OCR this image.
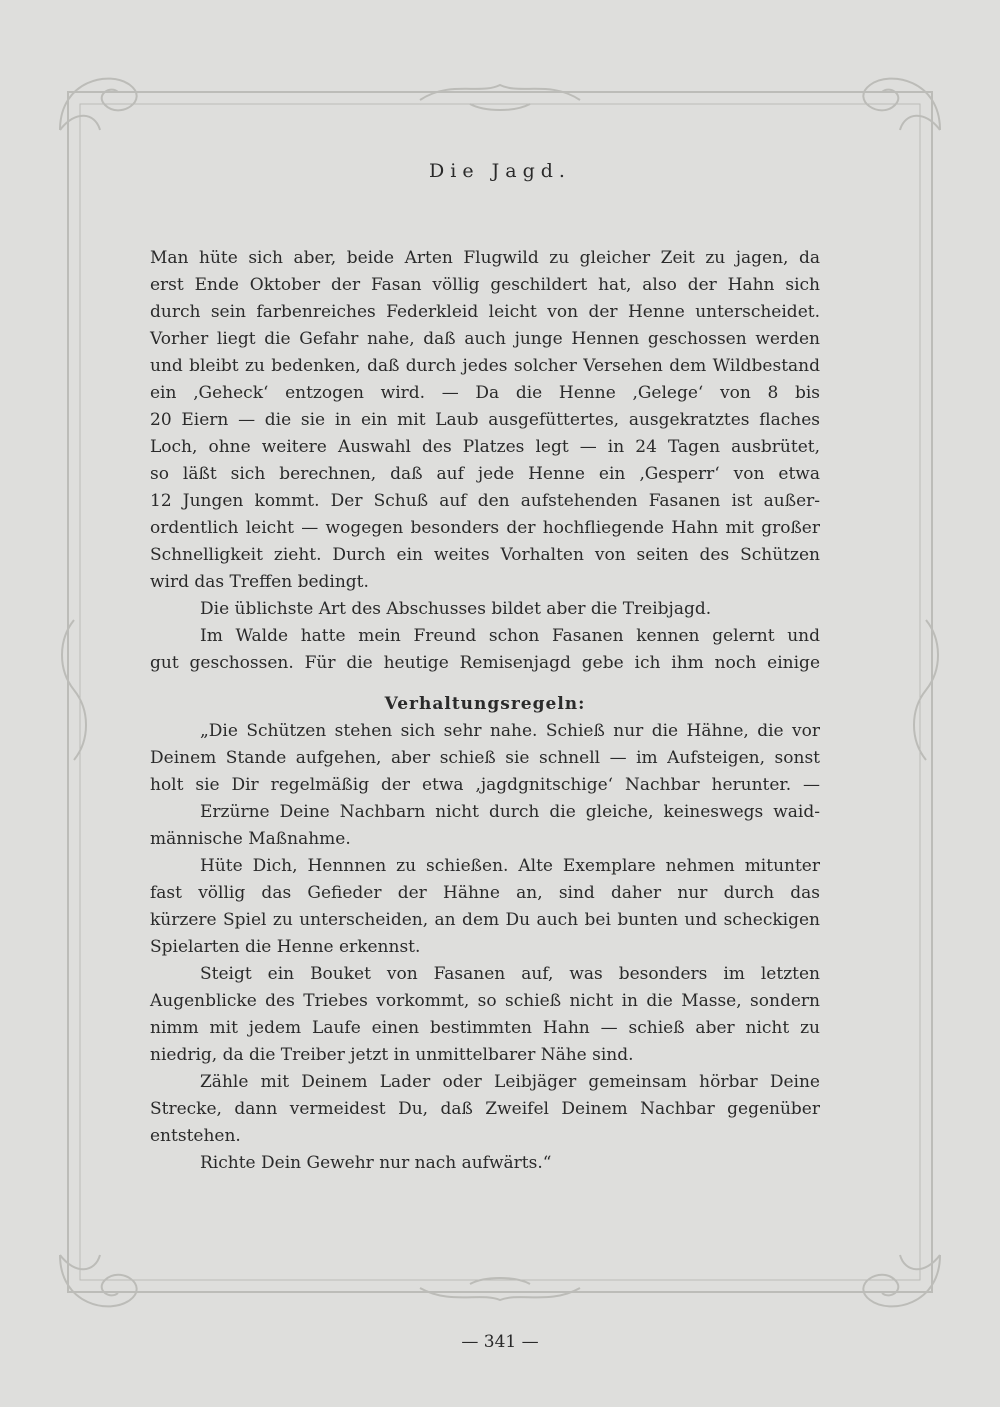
Die Jagd.
Man hüte sich aber, beide Arten Flugwild zu gleicher Zeit zu jagen, da
erst Ende Oktober der Fasan völlig geschildert hat, also der Hahn sich
durch sein farbenreiches Federkleid leicht von der Henne unterscheidet.
Vorher liegt die Gefahr nahe, daß auch junge Hennen geschossen werden
und bleibt zu bedenken, daß durch jedes solcher Versehen dem Wildbestand
ein ‚Geheck‘ entzogen wird. — Da die Henne ‚Gelege‘ von 8 bis
20 Eiern — die sie in ein mit Laub ausgefüttertes, ausgekratztes flaches
Loch, ohne weitere Auswahl des Platzes legt — in 24 Tagen ausbrütet,
so läßt sich berechnen, daß auf jede Henne ein ‚Gesperr‘ von etwa
12 Jungen kommt. Der Schuß auf den aufstehenden Fasanen ist außer-
ordentlich leicht — wogegen besonders der hochfliegende Hahn mit großer
Schnelligkeit zieht. Durch ein weites Vorhalten von seiten des Schützen
wird das Treffen bedingt.
Die üblichste Art des Abschusses bildet aber die Treibjagd.
Im Walde hatte mein Freund schon Fasanen kennen gelernt und
gut geschossen. Für die heutige Remisenjagd gebe ich ihm noch einige
Verhaltungsregeln:
„Die Schützen stehen sich sehr nahe. Schieß nur die Hähne, die vor
Deinem Stande aufgehen, aber schieß sie schnell — im Aufsteigen, sonst
holt sie Dir regelmäßig der etwa ‚jagdgnitschige‘ Nachbar herunter. —
Erzürne Deine Nachbarn nicht durch die gleiche, keineswegs waid-
männische Maßnahme.
Hüte Dich, Hennnen zu schießen. Alte Exemplare nehmen mitunter
fast völlig das Gefieder der Hähne an, sind daher nur durch das
kürzere Spiel zu unterscheiden, an dem Du auch bei bunten und scheckigen
Spielarten die Henne erkennst.
Steigt ein Bouket von Fasanen auf, was besonders im letzten
Augenblicke des Triebes vorkommt, so schieß nicht in die Masse, sondern
nimm mit jedem Laufe einen bestimmten Hahn — schieß aber nicht zu
niedrig, da die Treiber jetzt in unmittelbarer Nähe sind.
Zähle mit Deinem Lader oder Leibjäger gemeinsam hörbar Deine
Strecke, dann vermeidest Du, daß Zweifel Deinem Nachbar gegenüber
entstehen.
Richte Dein Gewehr nur nach aufwärts.“
— 341 —
